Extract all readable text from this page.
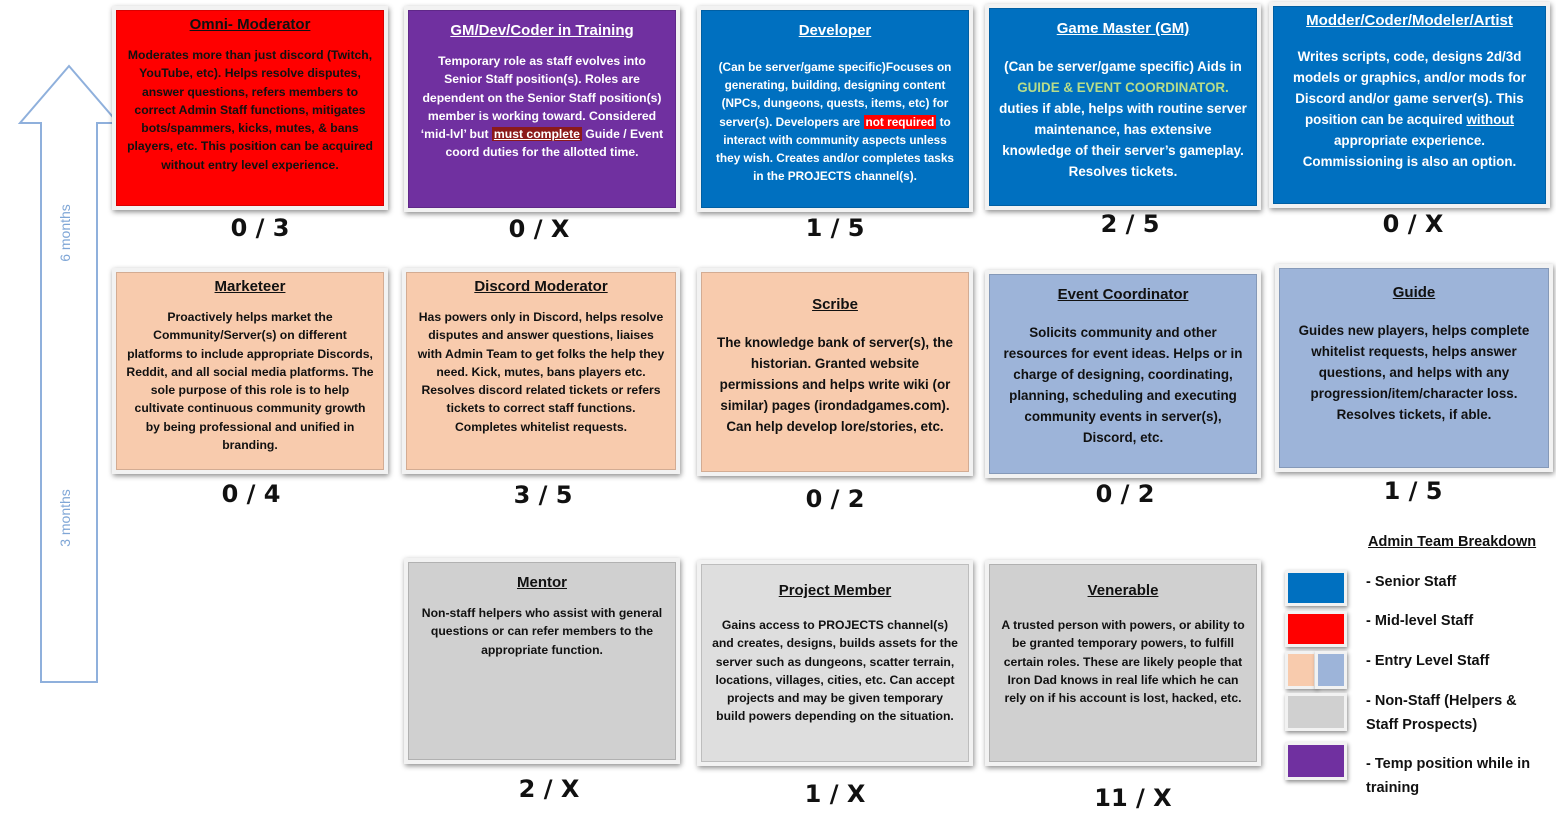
6 months
3 months
Omni- Moderator
Moderates more than just discord (Twitch, YouTube, etc). Helps resolve disputes, answer questions, refers members to correct Admin Staff functions, mitigates bots/spammers, kicks, mutes, & bans players, etc. This position can be acquired without entry level experience.
0 / 3
GM/Dev/Coder in Training
Temporary role as staff evolves into Senior Staff position(s). Roles are dependent on the Senior Staff position(s) member is working toward. Considered ‘mid-lvl’ but must complete Guide / Event coord duties for the allotted time.
0 / X
Developer
(Can be server/game specific)Focuses on generating, building, designing content (NPCs, dungeons, quests, items, etc) for server(s). Developers are not required to interact with community aspects unless they wish. Creates and/or completes tasks in the PROJECTS channel(s).
1 / 5
Game Master (GM)
(Can be server/game specific) Aids in GUIDE & EVENT COORDINATOR. duties if able, helps with routine server maintenance, has extensive knowledge of their server’s gameplay. Resolves tickets.
2 / 5
Modder/Coder/Modeler/Artist
Writes scripts, code, designs 2d/3d models or graphics, and/or mods for Discord and/or game server(s). This position can be acquired without appropriate experience. Commissioning is also an option.
0 / X
Marketeer
Proactively helps market the Community/Server(s) on different platforms to include appropriate Discords, Reddit, and all social media platforms. The sole purpose of this role is to help cultivate continuous community growth by being professional and unified in branding.
0 / 4
Discord Moderator
Has powers only in Discord, helps resolve disputes and answer questions, liaises with Admin Team to get folks the help they need. Kick, mutes, bans players etc. Resolves discord related tickets or refers tickets to correct staff functions. Completes whitelist requests.
3 / 5
Scribe
The knowledge bank of server(s), the historian. Granted website permissions and helps write wiki (or similar) pages (irondadgames.com). Can help develop lore/stories, etc.
0 / 2
Event Coordinator
Solicits community and other resources for event ideas. Helps or in charge of designing, coordinating, planning, scheduling and executing community events in server(s), Discord, etc.
0 / 2
Guide
Guides new players, helps complete whitelist requests, helps answer questions, and helps with any progression/item/character loss. Resolves tickets, if able.
1 / 5
Mentor
Non-staff helpers who assist with general questions or can refer members to the appropriate function.
2 / X
Project Member
Gains access to PROJECTS channel(s) and creates, designs, builds assets for the server such as dungeons, scatter terrain, locations, villages, cities, etc. Can accept projects and may be given temporary build powers depending on the situation.
1 / X
Venerable
A trusted person with powers, or ability to be granted temporary powers, to fulfill certain roles. These are likely people that Iron Dad knows in real life which he can rely on if his account is lost, hacked, etc.
11 / X
Admin Team Breakdown
- Senior Staff
- Mid-level Staff
- Entry Level Staff
- Non-Staff (Helpers & Staff Prospects)
- Temp position while in training
